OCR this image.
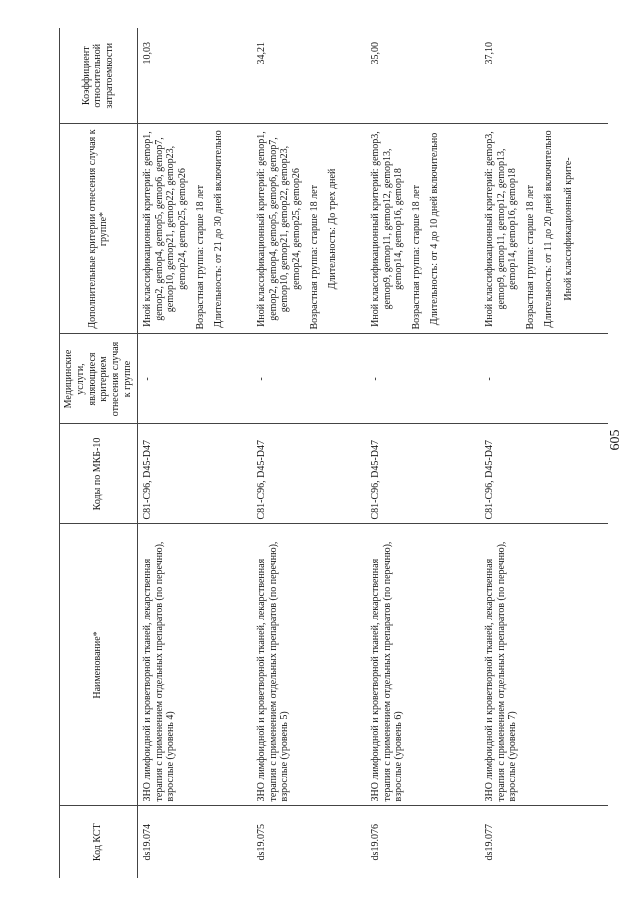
605
Код КСТ	Наименование*	Коды по МКБ-10	Медицинские услуги, являющиеся критерием отнесения случая к группе	Дополнительные критерии отнесения случая к группе*	Коэффициент относительной затратоемкости
ds19.074	ЗНО лимфоидной и кроветворной тканей, лекарственная терапия с применением отдельных препаратов (по перечню), взрослые (уровень 4)	C81-C96, D45-D47	-	Иной классификационный критерий: gemop1, gemop2, gemop4, gemop5, gemop6, gemop7, gemop10, gemop21, gemop22, gemop23, gemop24, gemop25, gemop26 Возрастная группа: старше 18 лет Длительность: от 21 до 30 дней включительно	10,03
ds19.075	ЗНО лимфоидной и кроветворной тканей, лекарственная терапия с применением отдельных препаратов (по перечню), взрослые (уровень 5)	C81-C96, D45-D47	-	Иной классификационный критерий: gemop1, gemop2, gemop4, gemop5, gemop6, gemop7, gemop10, gemop21, gemop22, gemop23, gemop24, gemop25, gemop26 Возрастная группа: старше 18 лет Длительность: До трех дней	34,21
ds19.076	ЗНО лимфоидной и кроветворной тканей, лекарственная терапия с применением отдельных препаратов (по перечню), взрослые (уровень 6)	C81-C96, D45-D47	-	Иной классификационный критерий: gemop3, gemop9, gemop11, gemop12, gemop13, gemop14, gemop16, gemop18 Возрастная группа: старше 18 лет Длительность: от 4 до 10 дней включительно	35,00
ds19.077	ЗНО лимфоидной и кроветворной тканей, лекарственная терапия с применением отдельных препаратов (по перечню), взрослые (уровень 7)	C81-C96, D45-D47	-	Иной классификационный критерий: gemop3, gemop9, gemop11, gemop12, gemop13, gemop14, gemop16, gemop18 Возрастная группа: старше 18 лет Длительность: от 11 до 20 дней включительно Иной классификационный крите-	37,10
